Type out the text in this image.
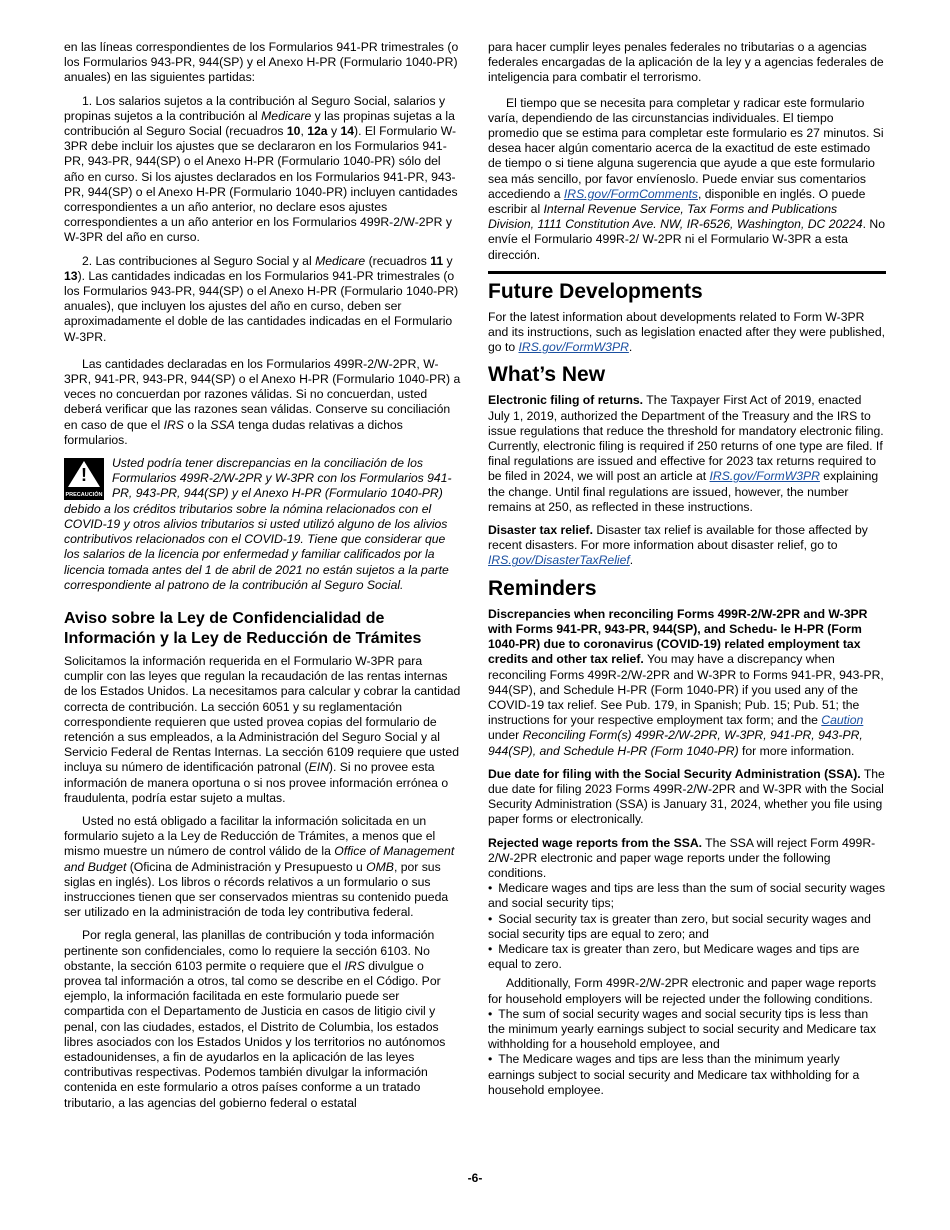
en las líneas correspondientes de los Formularios 941-PR trimestrales (o los Formularios 943-PR, 944(SP) y el Anexo H-PR (Formulario 1040-PR) anuales) en las siguientes partidas:

1. Los salarios sujetos a la contribución al Seguro Social, salarios y propinas sujetos a la contribución al Medicare y las propinas sujetas a la contribución al Seguro Social (recuadros 10, 12a y 14). El Formulario W-3PR debe incluir los ajustes que se declararon en los Formularios 941-PR, 943-PR, 944(SP) o el Anexo H-PR (Formulario 1040-PR) sólo del año en curso. Si los ajustes declarados en los Formularios 941-PR, 943-PR, 944(SP) o el Anexo H-PR (Formulario 1040-PR) incluyen cantidades correspondientes a un año anterior, no declare esos ajustes correspondientes a un año anterior en los Formularios 499R-2/W-2PR y W-3PR del año en curso.

2. Las contribuciones al Seguro Social y al Medicare (recuadros 11 y 13). Las cantidades indicadas en los Formularios 941-PR trimestrales (o los Formularios 943-PR, 944(SP) o el Anexo H-PR (Formulario 1040-PR) anuales), que incluyen los ajustes del año en curso, deben ser aproximadamente el doble de las cantidades indicadas en el Formulario W-3PR.

Las cantidades declaradas en los Formularios 499R-2/W-2PR, W-3PR, 941-PR, 943-PR, 944(SP) o el Anexo H-PR (Formulario 1040-PR) a veces no concuerdan por razones válidas. Si no concuerdan, usted deberá verificar que las razones sean válidas. Conserve su conciliación en caso de que el IRS o la SSA tenga dudas relativas a dichos formularios.

!
PRECAUCIÓN
Usted podría tener discrepancias en la conciliación de los Formularios 499R-2/W-2PR y W-3PR con los Formularios 941-PR, 943-PR, 944(SP) y el Anexo H-PR (Formulario 1040-PR) debido a los créditos tributarios sobre la nómina relacionados con el COVID-19 y otros alivios tributarios si usted utilizó alguno de los alivios contributivos relacionados con el COVID-19. Tiene que considerar que los salarios de la licencia por enfermedad y familiar calificados por la licencia tomada antes del 1 de abril de 2021 no están sujetos a la parte correspondiente al patrono de la contribución al Seguro Social.
Aviso sobre la Ley de Confidencialidad de Información y la Ley de Reducción de Trámites

Solicitamos la información requerida en el Formulario W-3PR para cumplir con las leyes que regulan la recaudación de las rentas internas de los Estados Unidos. La necesitamos para calcular y cobrar la cantidad correcta de contribución. La sección 6051 y su reglamentación correspondiente requieren que usted provea copias del formulario de retención a sus empleados, a la Administración del Seguro Social y al Servicio Federal de Rentas Internas. La sección 6109 requiere que usted incluya su número de identificación patronal (EIN). Si no provee esta información de manera oportuna o si nos provee información errónea o fraudulenta, podría estar sujeto a multas.

Usted no está obligado a facilitar la información solicitada en un formulario sujeto a la Ley de Reducción de Trámites, a menos que el mismo muestre un número de control válido de la Office of Management and Budget (Oficina de Administración y Presupuesto u OMB, por sus siglas en inglés). Los libros o récords relativos a un formulario o sus instrucciones tienen que ser conservados mientras su contenido pueda ser utilizado en la administración de toda ley contributiva federal.

Por regla general, las planillas de contribución y toda información pertinente son confidenciales, como lo requiere la sección 6103. No obstante, la sección 6103 permite o requiere que el IRS divulgue o provea tal información a otros, tal como se describe en el Código. Por ejemplo, la información facilitada en este formulario puede ser compartida con el Departamento de Justicia en casos de litigio civil y penal, con las ciudades, estados, el Distrito de Columbia, los estados libres asociados con los Estados Unidos y los territorios no autónomos estadounidenses, a fin de ayudarlos en la aplicación de las leyes contributivas respectivas. Podemos también divulgar la información contenida en este formulario a otros países conforme a un tratado tributario, a las agencias del gobierno federal o estatal

para hacer cumplir leyes penales federales no tributarias o a agencias federales encargadas de la aplicación de la ley y a agencias federales de inteligencia para combatir el terrorismo.

El tiempo que se necesita para completar y radicar este formulario varía, dependiendo de las circunstancias individuales. El tiempo promedio que se estima para completar este formulario es 27 minutos. Si desea hacer algún comentario acerca de la exactitud de este estimado de tiempo o si tiene alguna sugerencia que ayude a que este formulario sea más sencillo, por favor envíenoslo. Puede enviar sus comentarios accediendo a IRS.gov/FormComments, disponible en inglés. O puede escribir al Internal Revenue Service, Tax Forms and Publications Division, 1111 Constitution Ave. NW, IR-6526, Washington, DC 20224. No envíe el Formulario 499R-2/ W-2PR ni el Formulario W-3PR a esta dirección.

Future Developments

For the latest information about developments related to Form W-3PR and its instructions, such as legislation enacted after they were published, go to IRS.gov/FormW3PR.

What’s New

Electronic filing of returns. The Taxpayer First Act of 2019, enacted July 1, 2019, authorized the Department of the Treasury and the IRS to issue regulations that reduce the threshold for mandatory electronic filing. Currently, electronic filing is required if 250 returns of one type are filed. If final regulations are issued and effective for 2023 tax returns required to be filed in 2024, we will post an article at IRS.gov/FormW3PR explaining the change. Until final regulations are issued, however, the number remains at 250, as reflected in these instructions.

Disaster tax relief. Disaster tax relief is available for those affected by recent disasters. For more information about disaster relief, go to IRS.gov/DisasterTaxRelief.

Reminders

Discrepancies when reconciling Forms 499R-2/W-2PR and W-3PR with Forms 941-PR, 943-PR, 944(SP), and Schedu- le H-PR (Form 1040-PR) due to coronavirus (COVID-19) related employment tax credits and other tax relief. You may have a discrepancy when reconciling Forms 499R-2/W-2PR and W-3PR to Forms 941-PR, 943-PR, 944(SP), and Schedule H-PR (Form 1040-PR) if you used any of the COVID-19 tax relief. See Pub. 179, in Spanish; Pub. 15; Pub. 51; the instructions for your respective employment tax form; and the Caution under Reconciling Form(s) 499R-2/W-2PR, W-3PR, 941-PR, 943-PR, 944(SP), and Schedule H-PR (Form 1040-PR) for more information.

Due date for filing with the Social Security Administration (SSA). The due date for filing 2023 Forms 499R-2/W-2PR and W-3PR with the Social Security Administration (SSA) is January 31, 2024, whether you file using paper forms or electronically.

Rejected wage reports from the SSA. The SSA will reject Form 499R-2/W-2PR electronic and paper wage reports under the following conditions.

• Medicare wages and tips are less than the sum of social security wages and social security tips;

• Social security tax is greater than zero, but social security wages and social security tips are equal to zero; and

• Medicare tax is greater than zero, but Medicare wages and tips are equal to zero.

Additionally, Form 499R-2/W-2PR electronic and paper wage reports for household employers will be rejected under the following conditions.

• The sum of social security wages and social security tips is less than the minimum yearly earnings subject to social security and Medicare tax withholding for a household employee, and

• The Medicare wages and tips are less than the minimum yearly earnings subject to social security and Medicare tax withholding for a household employee.

-6-
